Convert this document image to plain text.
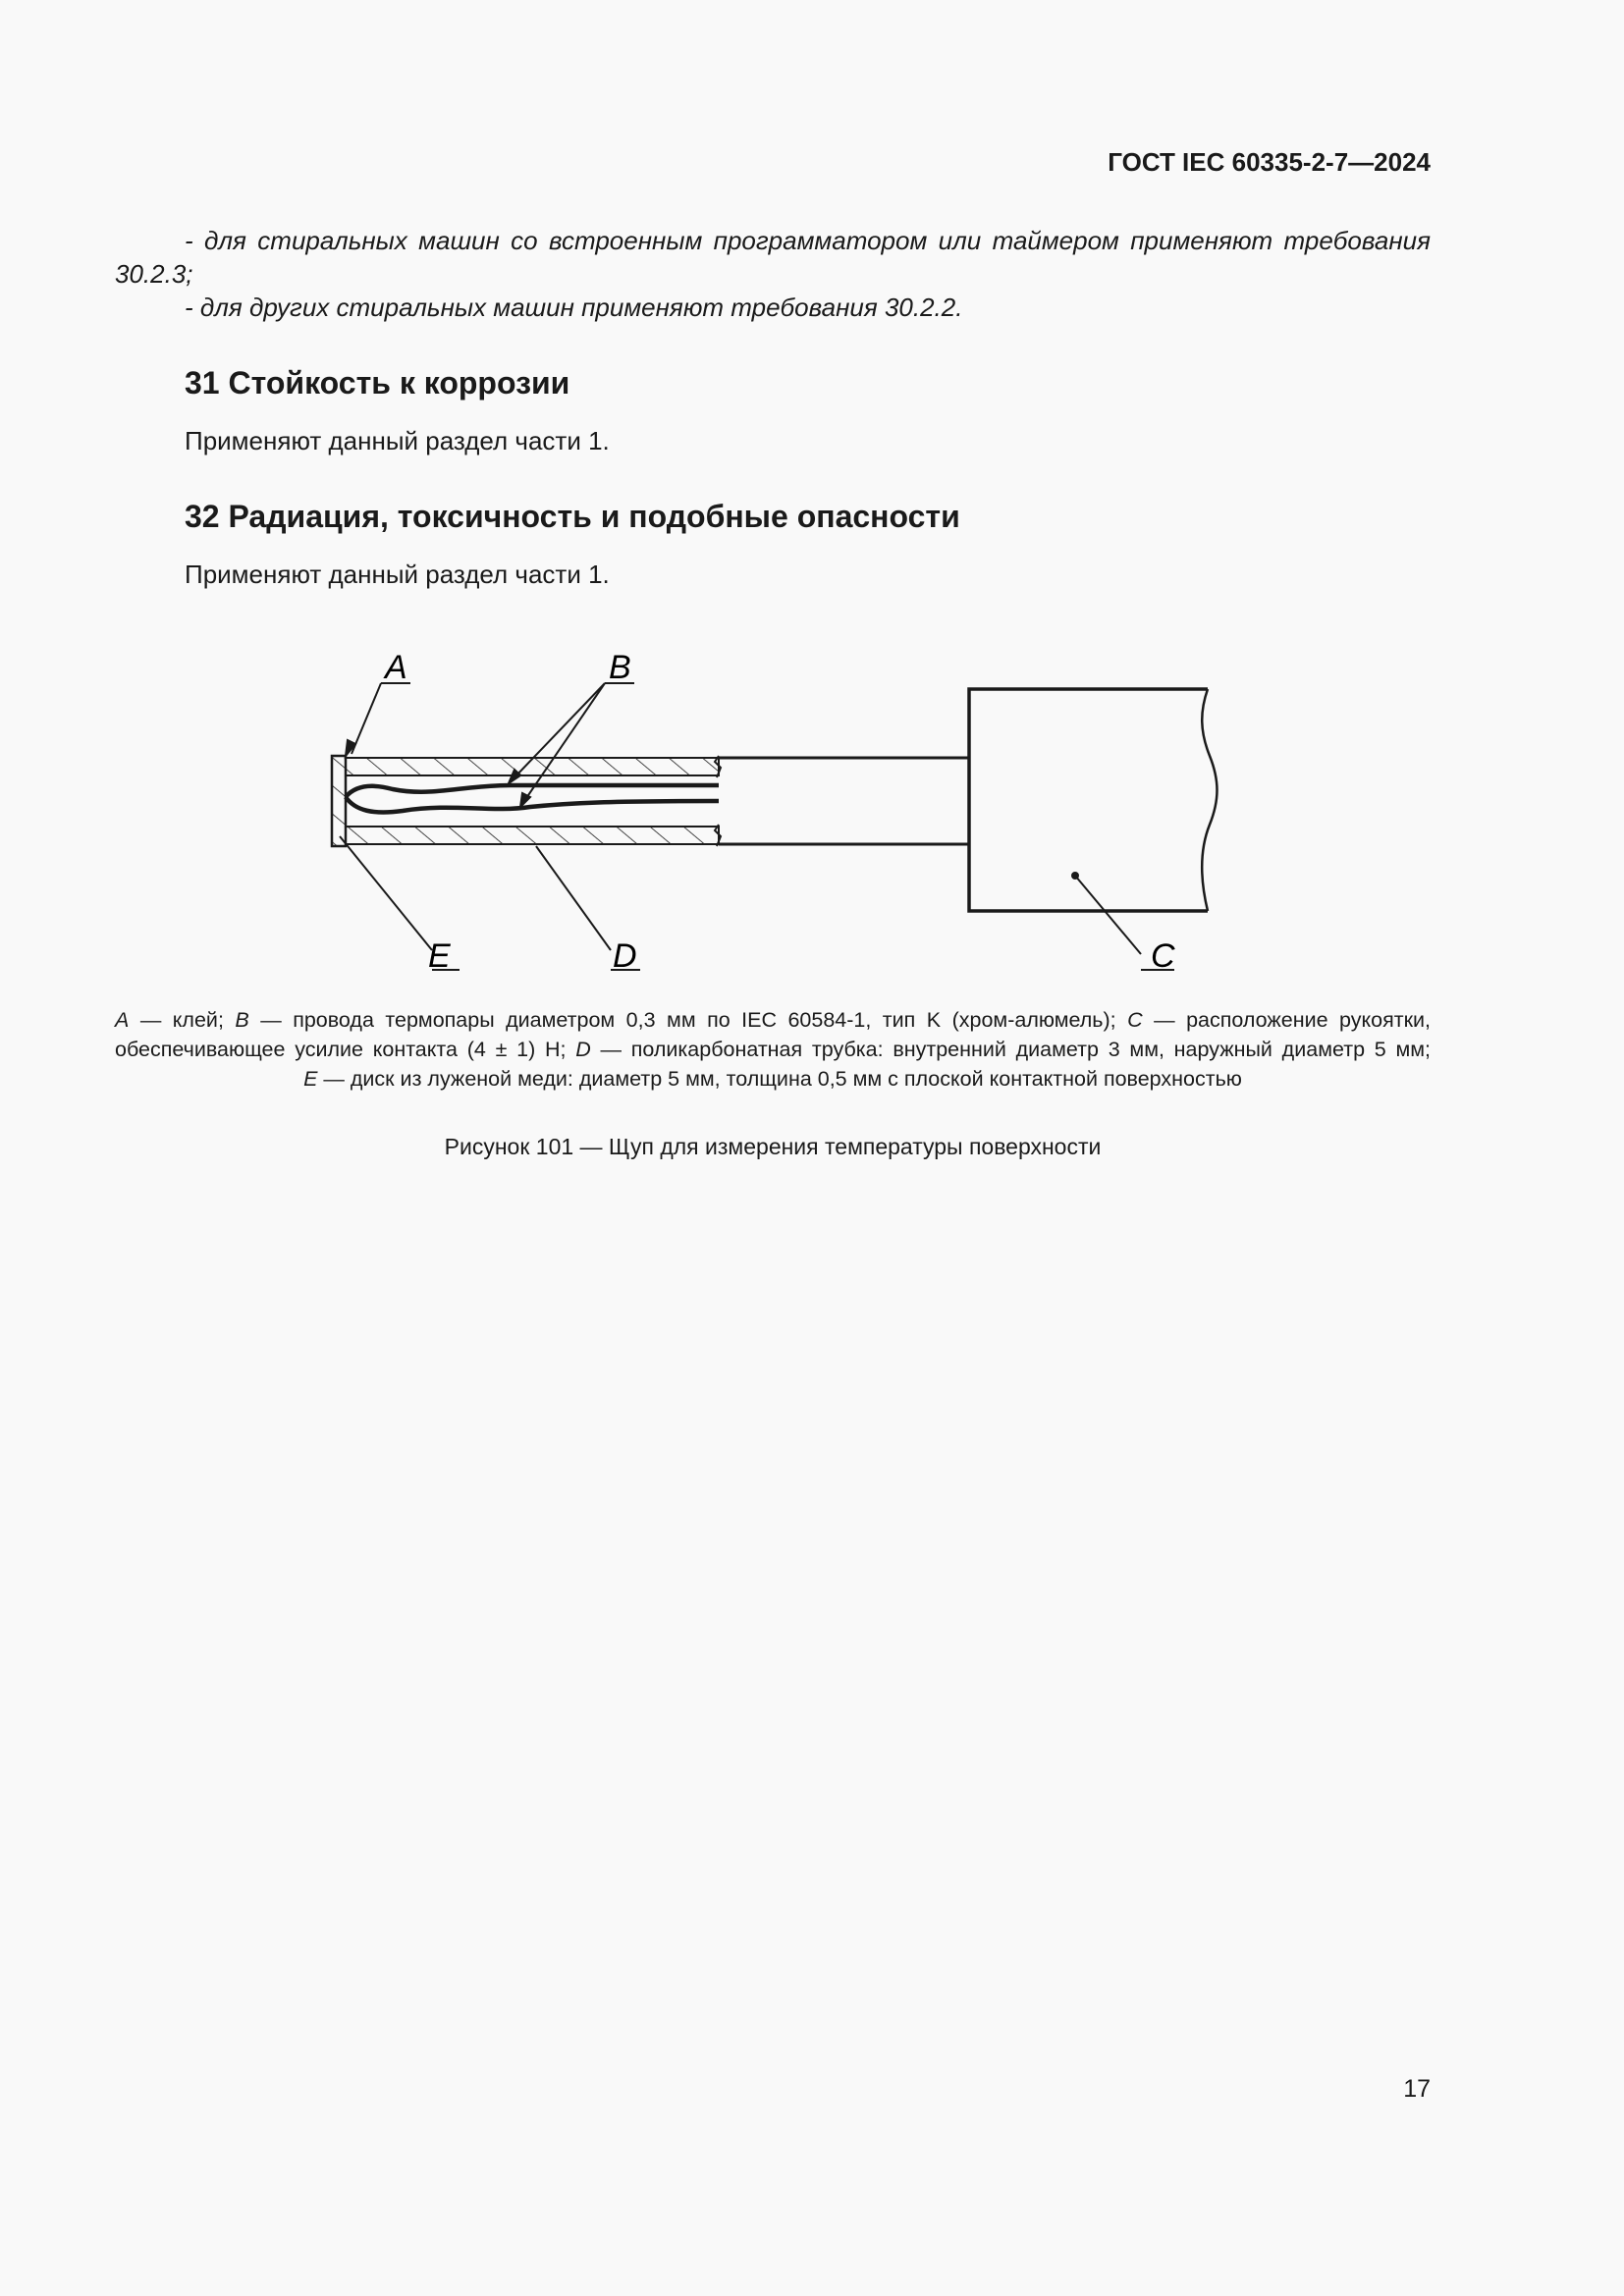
ГОСТ IEC 60335-2-7—2024
- для стиральных машин со встроенным программатором или таймером применяют требования 30.2.3;
- для других стиральных машин применяют требования 30.2.2.
31 Стойкость к коррозии
Применяют данный раздел части 1.
32 Радиация, токсичность и подобные опасности
Применяют данный раздел части 1.
A	B
E	D	C

A — клей; B — провода термопары диаметром 0,3 мм по IEC 60584-1, тип K (хром-алюмель); C — расположение рукоятки,

обеспечивающее усилие контакта (4 ± 1) Н; D — поликарбонатная трубка: внутренний диаметр 3 мм, наружный диаметр 5 мм;

E — диск из луженой меди: диаметр 5 мм, толщина 0,5 мм с плоской контактной поверхностью

Рисунок 101 — Щуп для измерения температуры поверхности
17
